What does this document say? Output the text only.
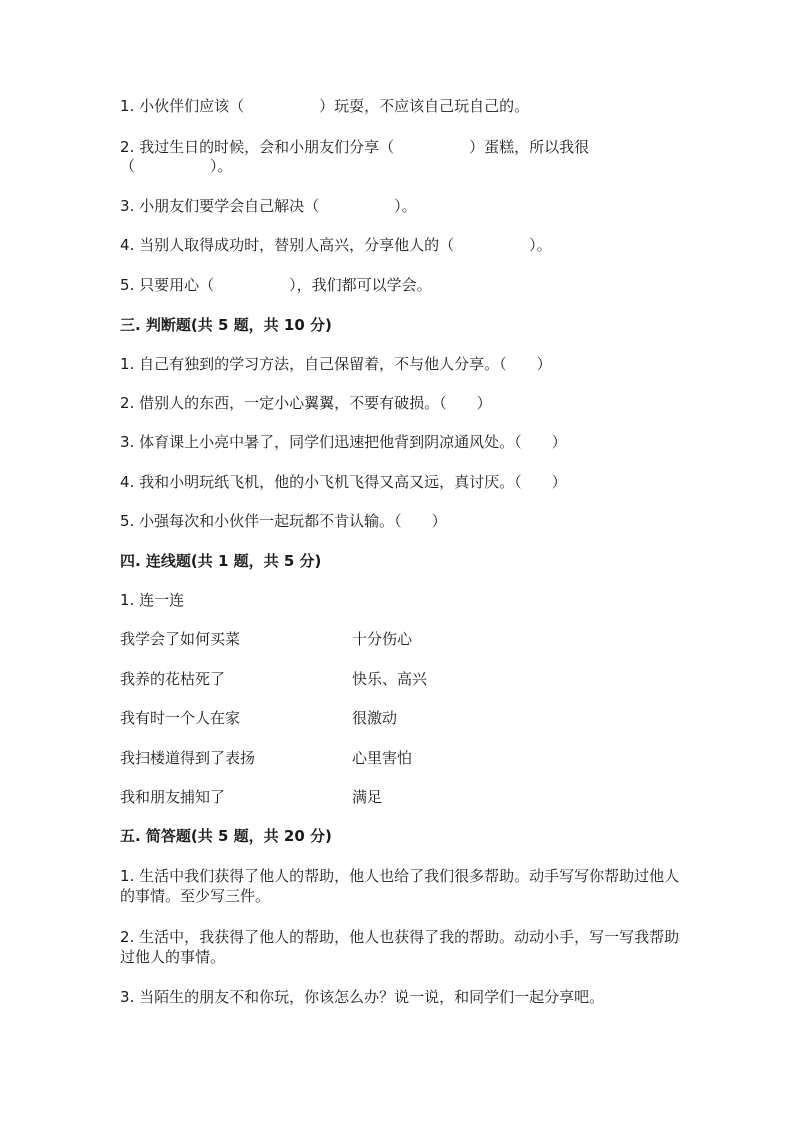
1. 小伙伴们应该（　　　　　）玩耍，不应该自己玩自己的。
2. 我过生日的时候，会和小朋友们分享（　　　　　）蛋糕，所以我很
（　　　　　）。
3. 小朋友们要学会自己解决（　　　　　）。
4. 当别人取得成功时，替别人高兴，分享他人的（　　　　　）。
5. 只要用心（　　　　　），我们都可以学会。
三. 判断题(共 5 题，共 10 分)
1. 自己有独到的学习方法，自己保留着，不与他人分享。（　　）
2. 借别人的东西，一定小心翼翼，不要有破损。（　　）
3. 体育课上小亮中暑了，同学们迅速把他背到阴凉通风处。（　　）
4. 我和小明玩纸飞机，他的小飞机飞得又高又远，真讨厌。（　　）
5. 小强每次和小伙伴一起玩都不肯认输。（　　）
四. 连线题(共 1 题，共 5 分)
1. 连一连
我学会了如何买菜	十分伤心
我养的花枯死了	快乐、高兴
我有时一个人在家	很激动
我扫楼道得到了表扬	心里害怕
我和朋友捕知了	满足
五. 简答题(共 5 题，共 20 分)
1. 生活中我们获得了他人的帮助，他人也给了我们很多帮助。动手写写你帮助过他人的事情。至少写三件。
2. 生活中，我获得了他人的帮助，他人也获得了我的帮助。动动小手，写一写我帮助过他人的事情。
3. 当陌生的朋友不和你玩，你该怎么办？说一说，和同学们一起分享吧。
